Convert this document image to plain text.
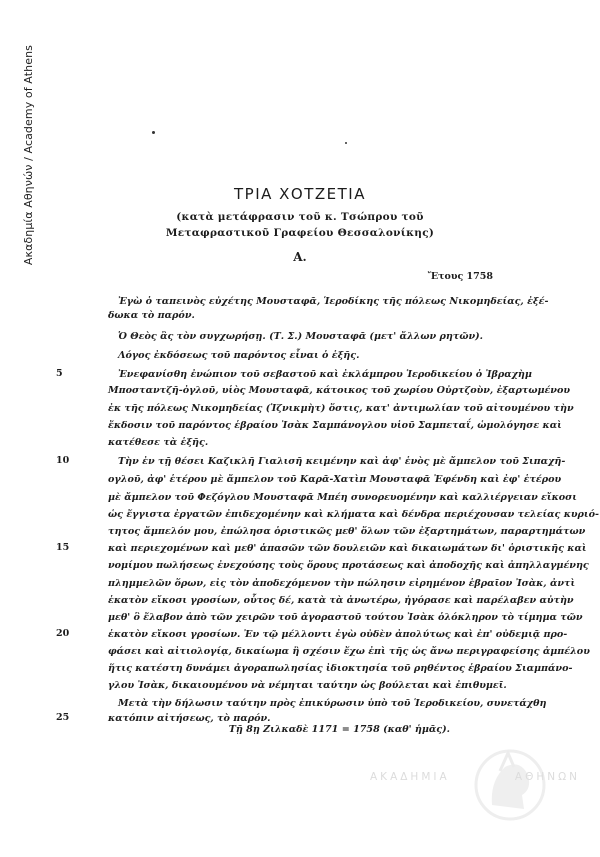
Ακαδημία Αθηνών / Academy of Athens	ΤΡΙΑ ΧΟΤΖΕΤΙΑ
(κατὰ μετάφρασιν τοῦ κ. Τσώπρου τοῦ
Μεταφραστικοῦ Γραφείου Θεσσαλονίκης)
Α.
Ἔτους 1758
Ἐγὼ ὁ ταπεινὸς εὐχέτης Μουσταφᾶ, Ἱεροδίκης τῆς πόλεως Νικομηδείας, ἐξέ-
δωκα τὸ παρόν.
Ὁ Θεὸς ἂς τὸν συγχωρήσῃ. (Τ. Σ.) Μουσταφᾶ (μετ' ἄλλων ρητῶν).
Λόγος ἐκδόσεως τοῦ παρόντος εἶναι ὁ ἑξῆς.
Ἐνεφανίσθη ἐνώπιον τοῦ σεβαστοῦ καὶ ἐκλάμπρου Ἱεροδικείου ὁ Ἰβραχὴμ
Μποσταντζῆ-ὀγλοῦ, υἱὸς Μουσταφᾶ, κάτοικος τοῦ χωρίου Οὐρτζοὺν, ἐξαρτωμένου
ἐκ τῆς πόλεως Νικομηδείας (Ἰζνικμὴτ) ὅστις, κατ' ἀντιμωλίαν τοῦ αἰτουμένου τὴν
ἔκδοσιν τοῦ παρόντος ἑβραίου Ἰσὰκ Σαμπάνογλου υἱοῦ Σαμπεταΐ, ὡμολόγησε καὶ
κατέθεσε τὰ ἑξῆς.
Τὴν ἐν τῇ θέσει Καζικλῆ Γιαλισῆ κειμένην καὶ ἀφ' ἑνὸς μὲ ἄμπελον τοῦ Σιπαχῆ-
ογλοῦ, ἀφ' ἑτέρου μὲ ἄμπελον τοῦ Καρᾶ-Χατὶπ Μουσταφᾶ Ἐφένδη καὶ ἐφ' ἑτέρου
μὲ ἄμπελον τοῦ Φεζόγλου Μουσταφᾶ Μπέη συνορευομένην καὶ καλλιέργειαν εἴκοσι
ὡς ἔγγιστα ἐργατῶν ἐπιδεχομένην καὶ κλήματα καὶ δένδρα περιέχουσαν τελείας κυριό-
τητος ἄμπελόν μου, ἐπώλησα ὁριστικῶς μεθ' ὅλων τῶν ἐξαρτημάτων, παραρτημάτων
καὶ περιεχομένων καὶ μεθ' ἁπασῶν τῶν δουλειῶν καὶ δικαιωμάτων δι' ὁριστικῆς καὶ
νομίμου πωλήσεως ἐνεχούσης τοὺς ὅρους προτάσεως καὶ ἀποδοχῆς καὶ ἀπηλλαγμένης
πλημμελῶν ὅρων, εἰς τὸν ἀποδεχόμενον τὴν πώλησιν εἰρημένον ἑβραῖον Ἰσὰκ, ἀντὶ
ἑκατὸν εἴκοσι γροσίων, οὗτος δέ, κατὰ τὰ ἀνωτέρω, ἠγόρασε καὶ παρέλαβεν αὐτὴν
μεθ' ὃ ἔλαβον ἀπὸ τῶν χειρῶν τοῦ ἀγοραστοῦ τούτου Ἰσὰκ ὁλόκληρον τὸ τίμημα τῶν
ἑκατὸν εἴκοσι γροσίων. Ἐν τῷ μέλλοντι ἐγὼ οὐδὲν ἀπολύτως καὶ ἐπ' οὐδεμιᾷ προ-
φάσει καὶ αἰτιολογίᾳ, δικαίωμα ἢ σχέσιν ἔχω ἐπὶ τῆς ὡς ἄνω περιγραφείσης ἀμπέλου
ἥτις κατέστη δυνάμει ἀγοραπωλησίας ἰδιοκτησία τοῦ ρηθέντος ἑβραίου Σιαμπάνο-
γλου Ἰσὰκ, δικαιουμένου νὰ νέμηται ταύτην ὡς βούλεται καὶ ἐπιθυμεῖ.
Μετὰ τὴν δήλωσιν ταύτην πρὸς ἐπικύρωσιν ὑπὸ τοῦ Ἱεροδικείου, συνετάχθη
κατόπιν αἰτήσεως, τὸ παρόν.
5
10
15
20
25
Τῇ 8ῃ Ζιλκαδὲ 1171 = 1758 (καθ' ἡμᾶς).
ΑΚΑΔΗΜΙΑ	ΑΘΗΝΩΝ
